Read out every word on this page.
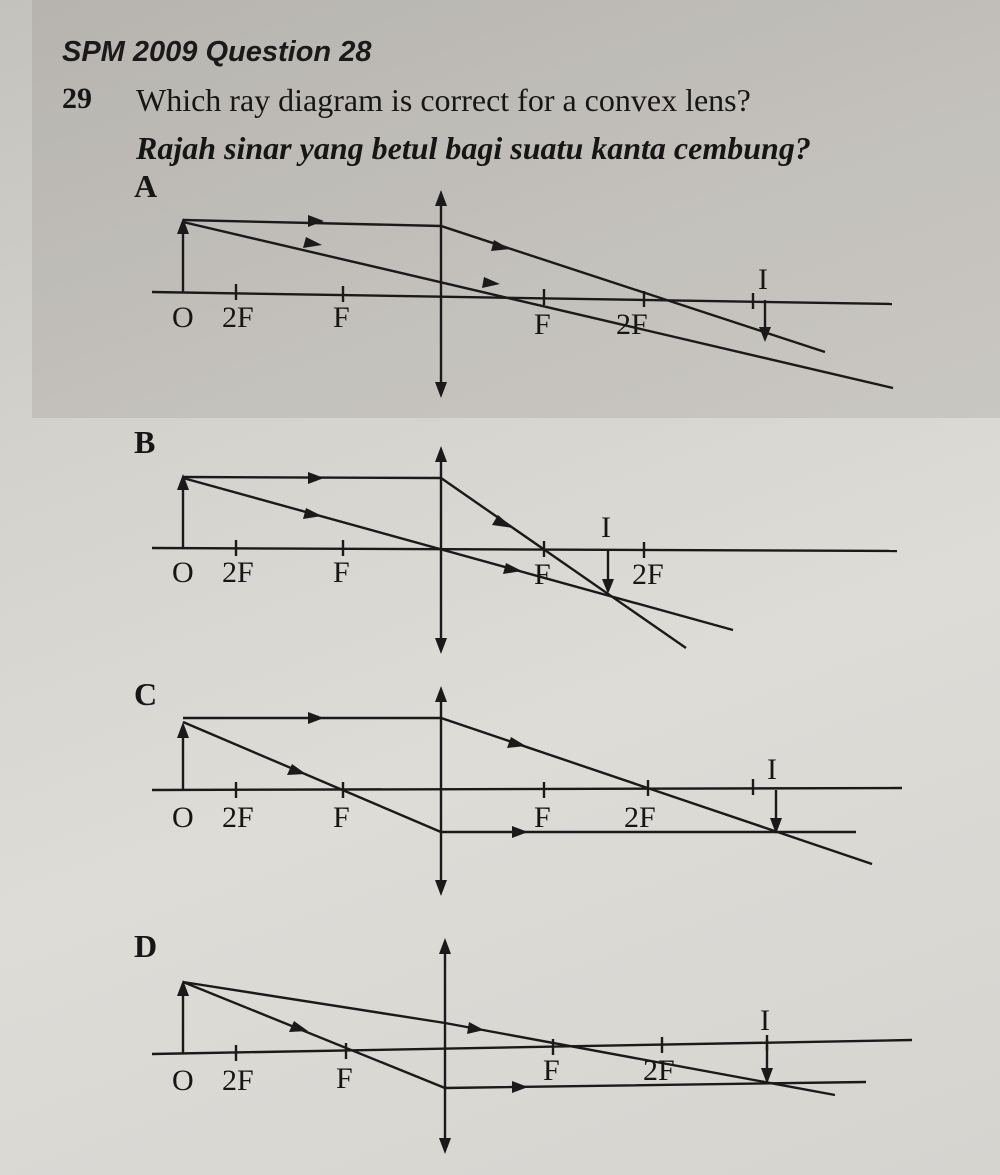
SPM 2009 Question 28
29 Which ray diagram is correct for a convex lens?
Rajah sinar yang betul bagi suatu kanta cembung?
A
O 2F	F	F 2F
I
B
O 2F	F	F	2F
I
C
O 2F	F	F 2F
I
D
O 2F	F	F	2F
I
